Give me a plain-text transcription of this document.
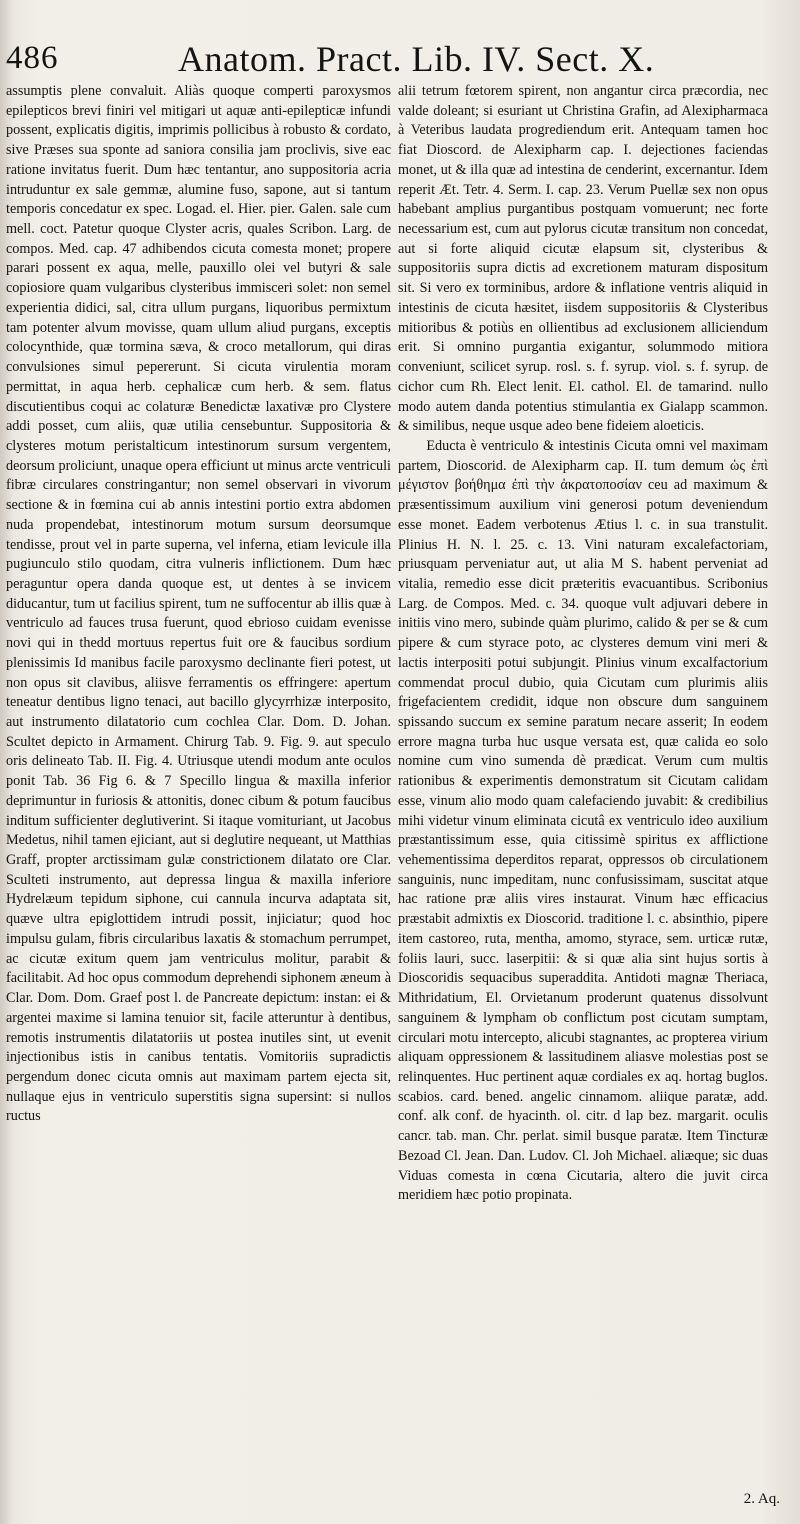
486	Anatom. Pract. Lib. IV. Sect. X.

assumptis plene convaluit. Aliàs quoque comperti paroxysmos epilepticos brevi finiri vel mitigari ut aquæ anti-epilepticæ infundi possent, explicatis digitis, imprimis pollicibus à robusto & cordato, sive Præses sua sponte ad saniora consilia jam proclivis, sive eac ratione invitatus fuerit. Dum hæc tentantur, ano suppositoria acria intruduntur ex sale gemmæ, alumine fuso, sapone, aut si tantum temporis concedatur ex spec. Logad. el. Hier. pier. Galen. sale cum mell. coct. Patetur quoque Clyster acris, quales Scribon. Larg. de compos. Med. cap. 47 adhibendos cicuta comesta monet; propere parari possent ex aqua, melle, pauxillo olei vel butyri & sale copiosiore quam vulgaribus clysteribus immisceri solet: non semel experientia didici, sal, citra ullum purgans, liquoribus permixtum tam potenter alvum movisse, quam ullum aliud purgans, exceptis colocynthide, quæ tormina sæva, & croco metallorum, qui diras convulsiones simul pepererunt. Si cicuta virulentia moram permittat, in aqua herb. cephalicæ cum herb. & sem. flatus discutientibus coqui ac colaturæ Benedictæ laxativæ pro Clystere addi posset, cum aliis, quæ utilia censebuntur. Suppositoria & clysteres motum peristalticum intestinorum sursum vergentem, deorsum proliciunt, unaque opera efficiunt ut minus arcte ventriculi fibræ circulares constringantur; non semel observari in vivorum sectione & in fœmina cui ab annis intestini portio extra abdomen nuda propendebat, intestinorum motum sursum deorsumque tendisse, prout vel in parte superna, vel inferna, etiam levicule illa pugiunculo stilo quodam, citra vulneris inflictionem. Dum hæc peraguntur opera danda quoque est, ut dentes à se invicem diducantur, tum ut facilius spirent, tum ne suffocentur ab illis quæ à ventriculo ad fauces trusa fuerunt, quod ebrioso cuidam evenisse novi qui in thedd mortuus repertus fuit ore & faucibus sordium plenissimis Id manibus facile paroxysmo declinante fieri potest, ut non opus sit clavibus, aliisve ferramentis os effringere: apertum teneatur dentibus ligno tenaci, aut bacillo glycyrrhizæ interposito, aut instrumento dilatatorio cum cochlea Clar. Dom. D. Johan. Scultet depicto in Armament. Chirurg Tab. 9. Fig. 9. aut speculo oris delineato Tab. II. Fig. 4. Utriusque utendi modum ante oculos ponit Tab. 36 Fig 6. & 7 Specillo lingua & maxilla inferior deprimuntur in furiosis & attonitis, donec cibum & potum faucibus inditum sufficienter deglutiverint. Si itaque vomituriant, ut Jacobus Medetus, nihil tamen ejiciant, aut si deglutire nequeant, ut Matthias Graff, propter arctissimam gulæ constrictionem dilatato ore Clar. Sculteti instrumento, aut depressa lingua & maxilla inferiore Hydrelæum tepidum siphone, cui cannula incurva adaptata sit, quæve ultra epiglottidem intrudi possit, injiciatur; quod hoc impulsu gulam, fibris circularibus laxatis & stomachum perrumpet, ac cicutæ exitum quem jam ventriculus molitur, parabit & facilitabit. Ad hoc opus commodum deprehendi siphonem æneum à Clar. Dom. Dom. Graef post l. de Pancreate depictum: instan: ei & argentei maxime si lamina tenuior sit, facile atteruntur à dentibus, remotis instrumentis dilatatoriis ut postea inutiles sint, ut evenit injectionibus istis in canibus tentatis. Vomitoriis supradictis pergendum donec cicuta omnis aut maximam partem ejecta sit, nullaque ejus in ventriculo superstitis signa supersint: si nullos ructus

alii tetrum fœtorem spirent, non angantur circa præcordia, nec valde doleant; si esuriant ut Christina Grafin, ad Alexipharmaca à Veteribus laudata progrediendum erit. Antequam tamen hoc fiat Dioscord. de Alexipharm cap. I. dejectiones faciendas monet, ut & illa quæ ad intestina de cenderint, excernantur. Idem reperit Æt. Tetr. 4. Serm. I. cap. 23. Verum Puellæ sex non opus habebant amplius purgantibus postquam vomuerunt; nec forte necessarium est, cum aut pylorus cicutæ transitum non concedat, aut si forte aliquid cicutæ elapsum sit, clysteribus & suppositoriis supra dictis ad excretionem maturam dispositum sit. Si vero ex torminibus, ardore & inflatione ventris aliquid in intestinis de cicuta hæsitet, iisdem suppositoriis & Clysteribus mitioribus & potiùs en ollientibus ad exclusionem alliciendum erit. Si omnino purgantia exigantur, solummodo mitiora conveniunt, scilicet syrup. rosl. s. f. syrup. viol. s. f. syrup. de cichor cum Rh. Elect lenit. El. cathol. El. de tamarind. nullo modo autem danda potentius stimulantia ex Gialapp scammon. & similibus, neque usque adeo bene fideiem aloeticis.

Educta è ventriculo & intestinis Cicuta omni vel maximam partem, Dioscorid. de Alexipharm cap. II. tum demum ὡς ἐπὶ μέγιστον βοήθημα ἐπὶ τὴν ἀκρατοποσίαν ceu ad maximum & præsentissimum auxilium vini generosi potum deveniendum esse monet. Eadem verbotenus Ætius l. c. in sua transtulit. Plinius H. N. l. 25. c. 13. Vini naturam excalefactoriam, priusquam perveniatur aut, ut alia M S. habent perveniat ad vitalia, remedio esse dicit præteritis evacuantibus. Scribonius Larg. de Compos. Med. c. 34. quoque vult adjuvari debere in initiis vino mero, subinde quàm plurimo, calido & per se & cum pipere & cum styrace poto, ac clysteres demum vini meri & lactis interpositi potui subjungit. Plinius vinum excalfactorium commendat procul dubio, quia Cicutam cum plurimis aliis frigefacientem credidit, idque non obscure dum sanguinem spissando succum ex semine paratum necare asserit; In eodem errore magna turba huc usque versata est, quæ calida eo solo nomine cum vino sumenda dè prædicat. Verum cum multis rationibus & experimentis demonstratum sit Cicutam calidam esse, vinum alio modo quam calefaciendo juvabit: & credibilius mihi videtur vinum eliminata cicutâ ex ventriculo ideo auxilium præstantissimum esse, quia citissimè spiritus ex afflictione vehementissima deperditos reparat, oppressos ob circulationem sanguinis, nunc impeditam, nunc confusissimam, suscitat atque hac ratione præ aliis vires instaurat. Vinum hæc efficacius præstabit admixtis ex Dioscorid. traditione l. c. absinthio, pipere item castoreo, ruta, mentha, amomo, styrace, sem. urticæ rutæ, foliis lauri, succ. laserpitii: & si quæ alia sint hujus sortis à Dioscoridis sequacibus superaddita. Antidoti magnæ Theriaca, Mithridatium, El. Orvietanum proderunt quatenus dissolvunt sanguinem & lympham ob conflictum post cicutam sumptam, circulari motu intercepto, alicubi stagnantes, ac propterea virium aliquam oppressionem & lassitudinem aliasve molestias post se relinquentes. Huc pertinent aquæ cordiales ex aq. hortag buglos. scabios. card. bened. angelic cinnamom. aliique paratæ, add. conf. alk conf. de hyacinth. ol. citr. d lap bez. margarit. oculis cancr. tab. man. Chr. perlat. simil busque paratæ. Item Tincturæ Bezoad Cl. Jean. Dan. Ludov. Cl. Joh Michael. aliæque; sic duas Viduas comesta in cœna Cicutaria, altero die juvit circa meridiem hæc potio propinata.

2. Aq.
